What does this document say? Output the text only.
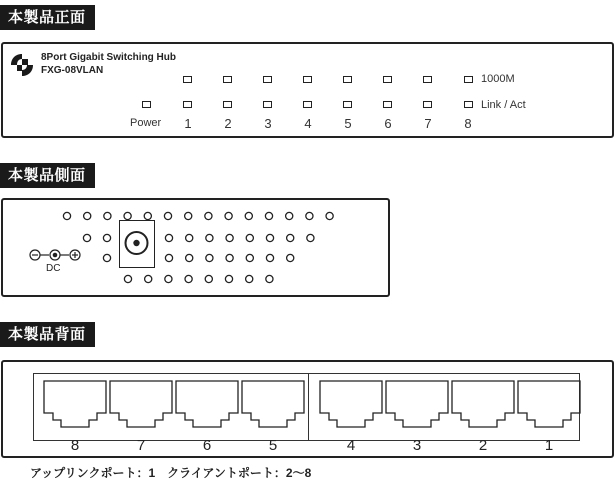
本製品正面
8Port Gigabit Switching Hub
FXG-08VLAN
1	2	3	4	5	6	7	8
1000M
Link / Act
Power
本製品側面
DC
本製品背面
8	7	6	5	4	3	2	1
アップリンクポート：1　クライアントポート：2〜8
